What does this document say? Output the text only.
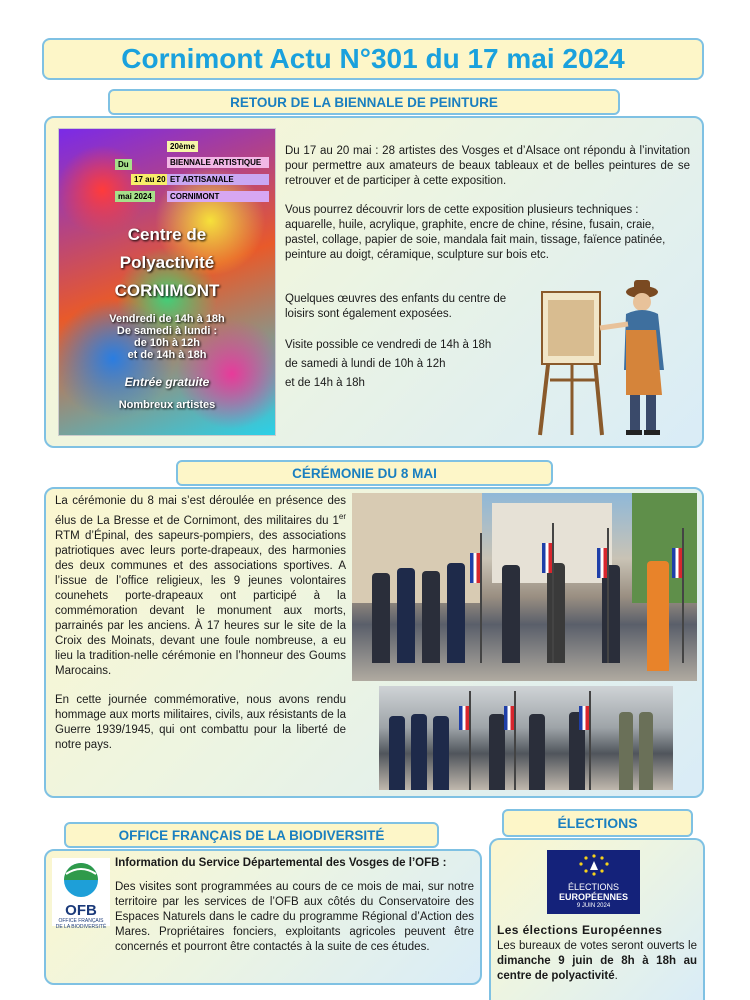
Cornimont Actu N°301 du 17 mai 2024
RETOUR DE LA BIENNALE DE PEINTURE
20ème
Du	BIENNALE ARTISTIQUE
17 au 20 ET ARTISANALE
mai 2024	CORNIMONT
Centre de
Polyactivité
CORNIMONT
Vendredi de 14h à 18h
De samedi à lundi :
de 10h à 12h
et de 14h à 18h
Entrée gratuite
Nombreux artistes

Du 17 au 20 mai : 28 artistes des Vosges et d’Alsace ont répondu à l’invitation pour permettre aux amateurs de beaux tableaux et de belles peintures de se retrouver et de participer à cette exposition.

Vous pourrez découvrir lors de cette exposition plusieurs techniques : aquarelle, huile, acrylique, graphite, encre de chine, résine, fusain, craie, pastel, collage, papier de soie, mandala fait main, tissage, faïence patinée, peinture au doigt, céramique, sculpture sur bois etc.

Quelques œuvres des enfants du centre de loisirs sont également exposées.
Visite possible ce vendredi de 14h à 18h
de samedi à lundi de 10h à 12h
et de 14h à 18h
CÉRÉMONIE DU 8 MAI

La cérémonie du 8 mai s’est déroulée en présence des élus de La Bresse et de Cornimont, des militaires du 1er RTM d’Épinal, des sapeurs-pompiers, des associations patriotiques avec leurs porte-drapeaux, des harmonies des deux communes et des associations sportives. A l’issue de l’office religieux, les 9 jeunes volontaires counehets porte-drapeaux ont participé à la commémoration devant le monument aux morts, parrainés par les anciens. À 17 heures sur le site de la Croix des Moinats, devant une foule nombreuse, a eu lieu la tradition-nelle cérémonie en l’honneur des Goums Marocains.

En cette journée commémorative, nous avons rendu hommage aux morts militaires, civils, aux résistants de la Guerre 1939/1945, qui ont combattu pour la liberté de notre pays.

OFFICE FRANÇAIS DE LA BIODIVERSITÉ
OFB
OFFICE FRANÇAIS
DE LA BIODIVERSITÉ
Information du Service Départemental des Vosges de l’OFB :
Des visites sont programmées au cours de ce mois de mai, sur notre territoire par les services de l’OFB aux côtés du Conservatoire des Espaces Naturels dans le cadre du programme Régional d’Action des Mares. Propriétaires fonciers, exploitants agricoles peuvent être concernés et pourront être contactés à la suite de ces études.
ÉLECTIONS
ÉLECTIONS
EUROPÉENNES
9 JUIN 2024
Les élections Européennes
Les bureaux de votes seront ouverts le dimanche 9 juin de 8h à 18h au centre de polyactivité.
